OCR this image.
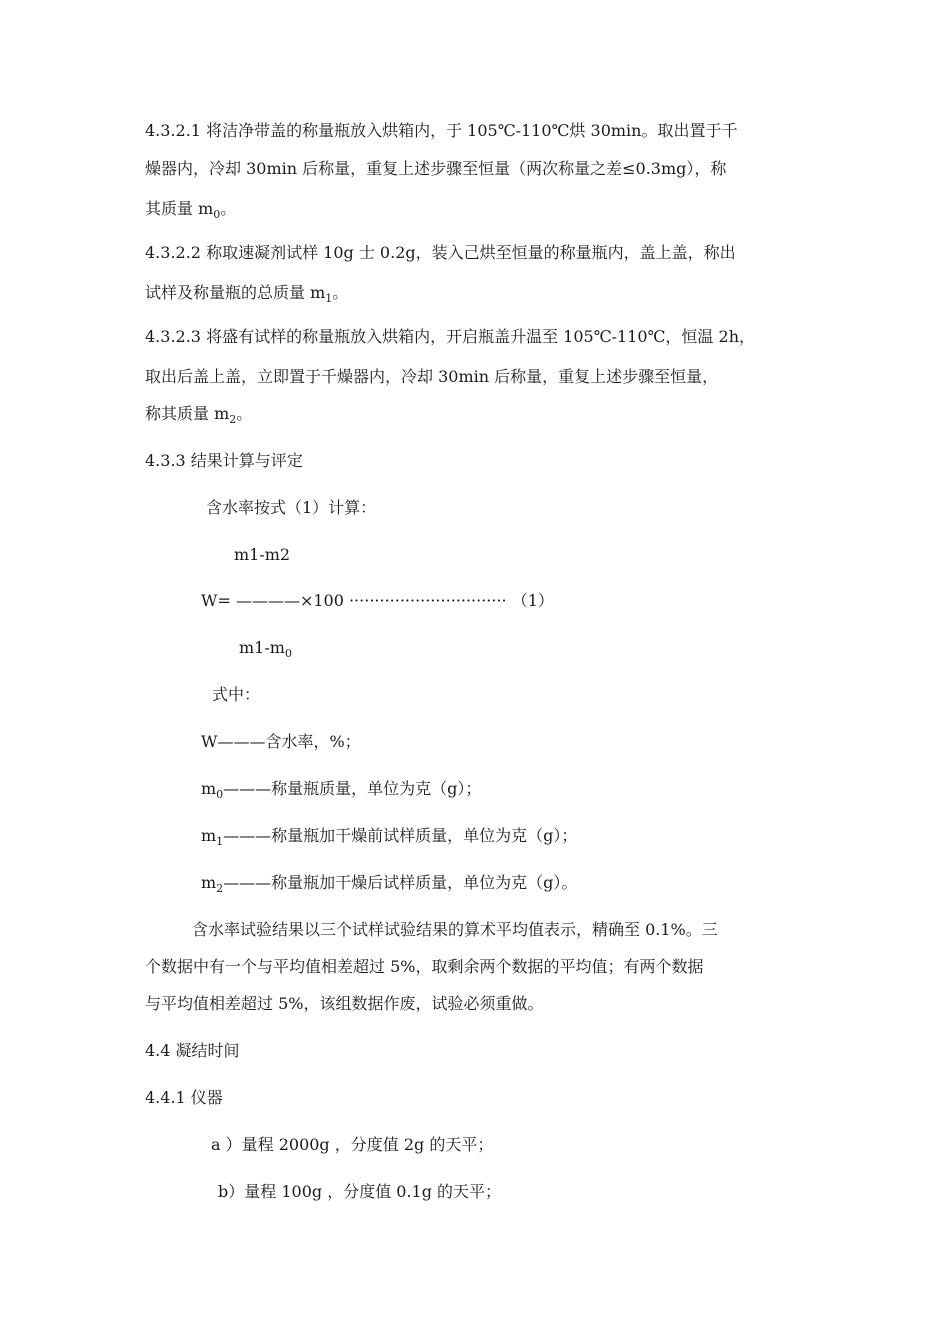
4.3.2.1 将洁净带盖的称量瓶放入烘箱内，于 105℃-110℃烘 30min。取出置于千
燥器内，冷却 30min 后称量，重复上述步骤至恒量（两次称量之差≤0.3mg），称
其质量 $m_0$。
4.3.2.2 称取速凝剂试样 10g 士 0.2g，装入己烘至恒量的称量瓶内，盖上盖，称出
试样及称量瓶的总质量 $m_1$。
4.3.2.3 将盛有试样的称量瓶放入烘箱内，开启瓶盖升温至 105℃-110℃，恒温 2h，
取出后盖上盖，立即置于千燥器内，冷却 30min 后称量，重复上述步骤至恒量，
称其质量 $m_2$。
4.3.3 结果计算与评定
含水率按式（1）计算：
m1-m2
W= ————×100 ······························· （1）
$m1-m_0$
式中：
W———含水率，%；
$m_0———$称量瓶质量，单位为克（g）；
$m_1———$称量瓶加干燥前试样质量，单位为克（g）；
$m_2———$称量瓶加干燥后试样质量，单位为克（g）。
含水率试验结果以三个试样试验结果的算术平均值表示，精确至 0.1%。三
个数据中有一个与平均值相差超过 5%，取剩余两个数据的平均值；有两个数据
与平均值相差超过 5%，该组数据作废，试验必须重做。
4.4 凝结时间
4.4.1 仪器
a ）量程 2000g ，分度值 2g 的天平；
b）量程 100g ，分度值 0.1g 的天平；
